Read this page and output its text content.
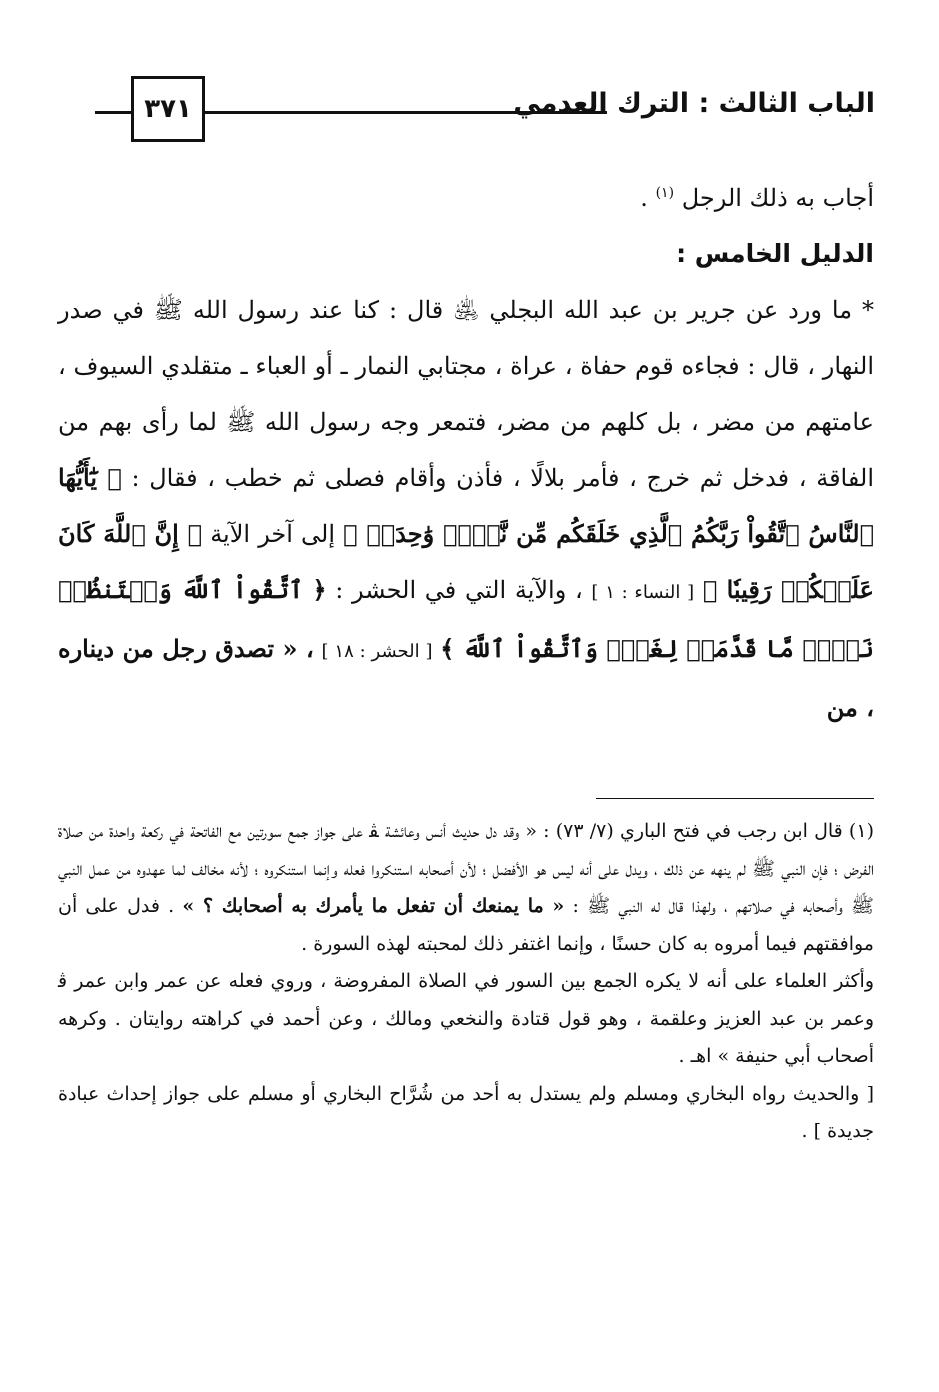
الباب الثالث : الترك العدمي
٣٧١

أجاب به ذلك الرجل $^{(١)}$ .

الدليل الخامس :

* ما ورد عن جرير بن عبد الله البجلي ﵁ قال : كنا عند رسول الله ﷺ في صدر النهار ، قال : فجاءه قوم حفاة ، عراة ، مجتابي النمار ـ أو العباء ـ متقلدي السيوف ، عامتهم من مضر ، بل كلهم من مضر، فتمعر وجه رسول الله ﷺ لما رأى بهم من الفاقة ، فدخل ثم خرج ، فأمر بلالًا ، فأذن وأقام فصلى ثم خطب ، فقال : ﴿ يَٰٓأَيُّهَا ٱلنَّاسُ ٱتَّقُواْ رَبَّكُمُ ٱلَّذِي خَلَقَكُم مِّن نَّفۡسٖ وَٰحِدَةٖ ﴾ إلى آخر الآية ﴿ إِنَّ ٱللَّهَ كَانَ عَلَيۡكُمۡ رَقِيبٗا ﴾ [ النساء : ١ ] ، والآية التي في الحشر : ﴿ ٱتَّقُواْ ٱللَّهَ وَلۡتَنظُرۡ نَفۡسٞ مَّا قَدَّمَتۡ لِغَدٖۖ وَٱتَّقُواْ ٱللَّهَ ﴾ [ الحشر : ١٨ ] ، « تصدق رجل من ديناره ، من

(١) قال ابن رجب في فتح الباري (٧/ ٧٣) : « وقد دل حديث أنس وعائشة ﭭ على جواز جمع سورتين مع الفاتحة في ركعة واحدة من صلاة الفرض ؛ فإن النبي ﷺ لم ينهه عن ذلك ، ويدل على أنه ليس هو الأفضل ؛ لأن أصحابه استنكروا فعله وإنما استنكروه ؛ لأنه مخالف لما عهدوه من عمل النبي ﷺ وأصحابه في صلاتهم ، ولهذا قال له النبي ﷺ : « ما يمنعك أن تفعل ما يأمرك به أصحابك ؟ » . فدل على أن موافقتهم فيما أمروه به كان حسنًا ، وإنما اغتفر ذلك لمحبته لهذه السورة .

وأكثر العلماء على أنه لا يكره الجمع بين السور في الصلاة المفروضة ، وروي فعله عن عمر وابن عمر ﭬ وعمر بن عبد العزيز وعلقمة ، وهو قول قتادة والنخعي ومالك ، وعن أحمد في كراهته روايتان . وكرهه أصحاب أبي حنيفة » اهـ .

[ والحديث رواه البخاري ومسلم ولم يستدل به أحد من شُرَّاح البخاري أو مسلم على جواز إحداث عبادة جديدة ] .
